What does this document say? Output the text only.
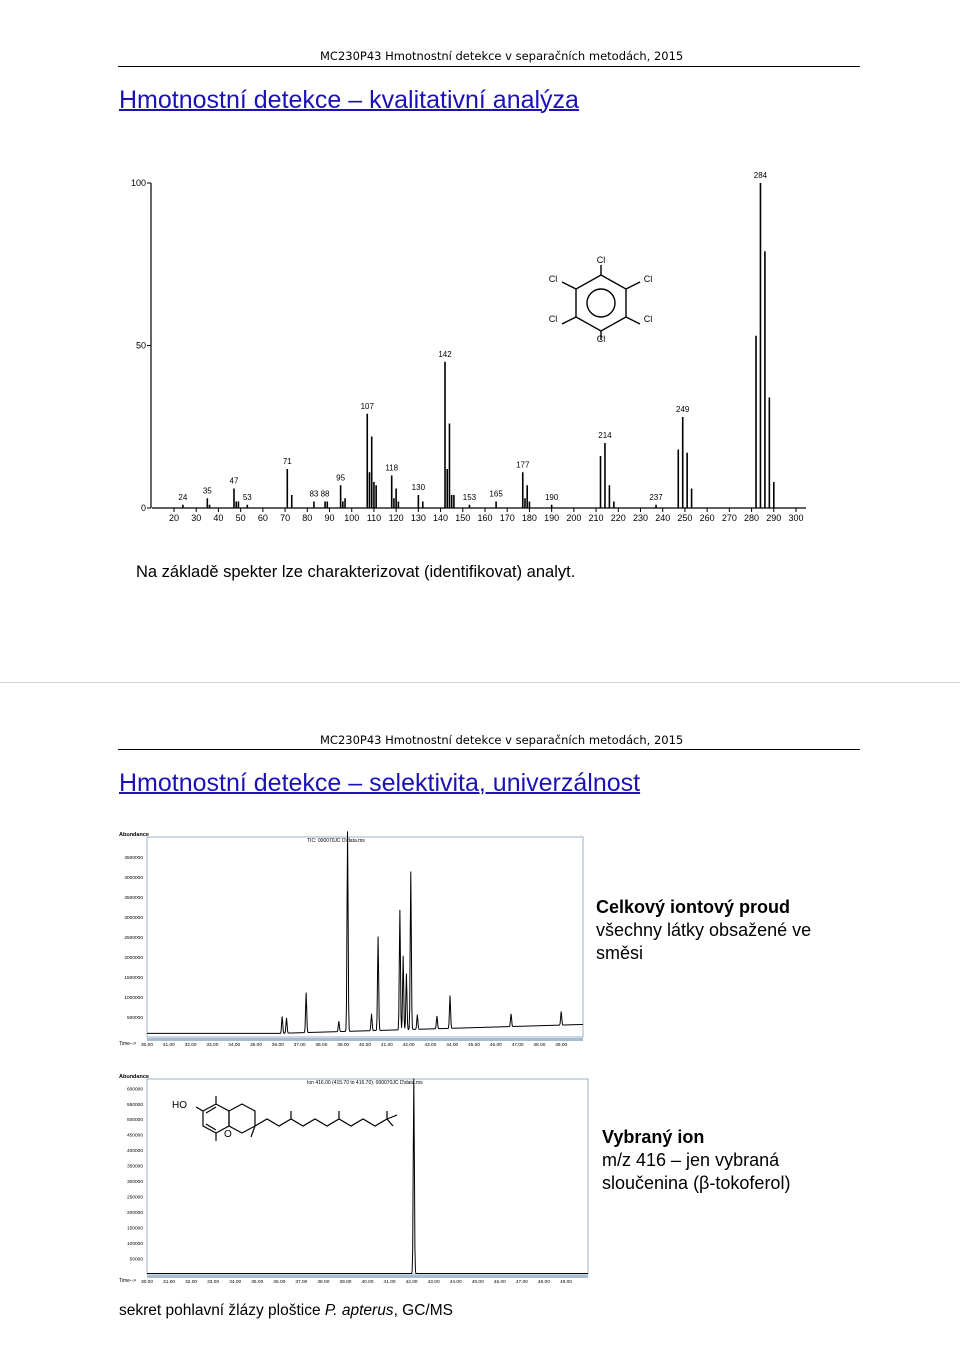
MC230P43 Hmotnostní detekce v separačních metodách, 2015
Hmotnostní detekce – kvalitativní analýza
0
50
100
20 30 40 50 60 70 80 90 100 110 120 130 140 150 160 170 180 190 200 210 220 230 240 250 260 270 280 290 300
24
35
47
53
71
83 88
95
107
118
130
142
153 165
177
190
214
237
249
284
Cl
Cl
Cl
Cl
Cl
Cl
Na základě spekter lze charakterizovat (identifikovat) analyt.
MC230P43 Hmotnostní detekce v separačních metodách, 2015
Hmotnostní detekce – selektivita, univerzálnost
Abundance
TIC: 000070JC D\data.ms
Time-->
500000
1000000
1500000
2000000
2500000
3000000
3500000
4000000
4500000
30.00 31.00 32.00 33.00 34.00 35.00 36.00 37.00 38.00 39.00 40.00 41.00 42.00 43.00 44.00 45.00 46.00 47.00 48.00 49.00
Celkový iontový proud
všechny látky obsažené ve
směsi
Abundance
Ion 416.00 (415.70 to 416.70): 000070JC D\data.ms
Time-->
50000
100000
150000
200000
250000
300000
350000
400000
450000
500000
550000
600000
30.00 31.00 32.00 33.00 34.00 35.00 36.00 37.00 38.00 39.00 40.00 41.00 42.00 43.00 44.00 45.00 46.00 47.00 48.00 49.00
HO
O	Vybraný ion
m/z 416 – jen vybraná
sloučenina (β-tokoferol)
sekret pohlavní žlázy ploštice P. apterus, GC/MS
